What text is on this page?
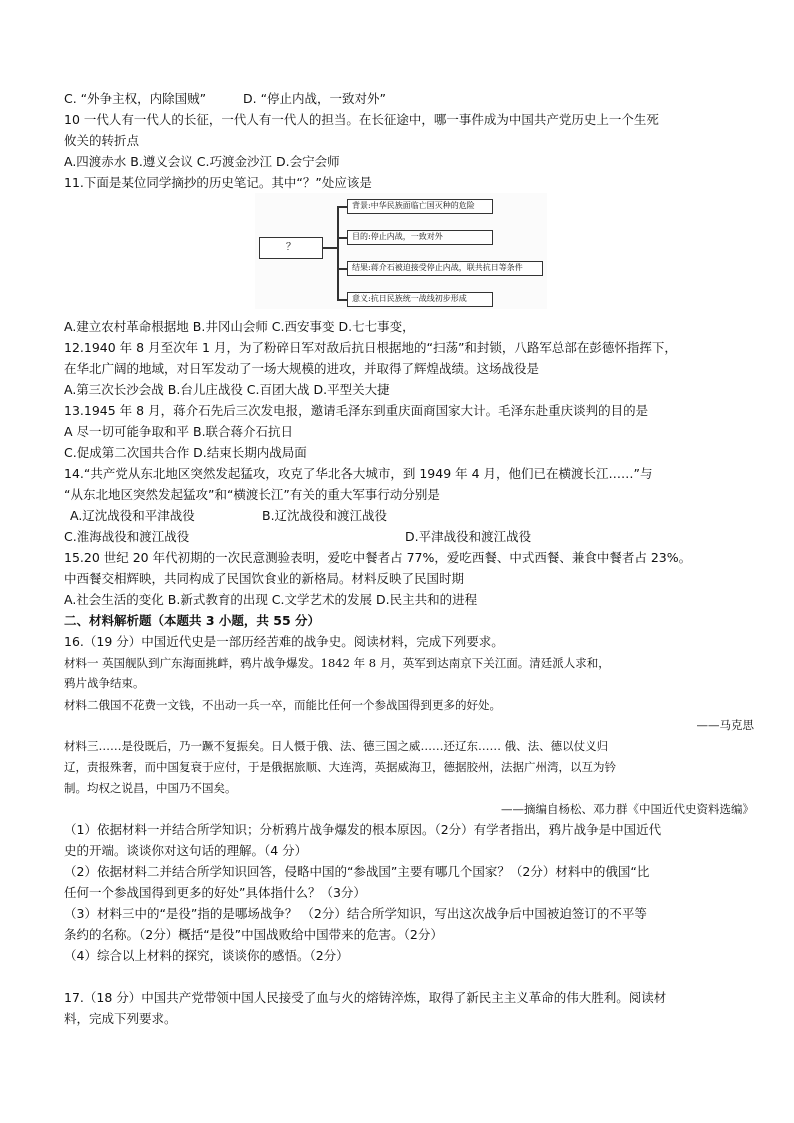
C. “外争主权，内除国贼”	D. “停止内战，一致对外”
10 一代人有一代人的长征，一代人有一代人的担当。在长征途中，哪一事件成为中国共产党历史上一个生死
攸关的转折点
A.四渡赤水 B.遵义会议 C.巧渡金沙江 D.会宁会师
11.下面是某位同学摘抄的历史笔记。其中“？”处应该是
？
背景:中华民族面临亡国灭种的危险
目的:停止内战，一致对外
结果:蒋介石被迫接受停止内战，联共抗日等条件
意义:抗日民族统一战线初步形成
A.建立农村革命根据地 B.井冈山会师 C.西安事变 D.七七事变，
12.1940 年 8 月至次年 1 月，为了粉碎日军对敌后抗日根据地的“扫荡”和封锁，八路军总部在彭德怀指挥下，
在华北广阔的地域，对日军发动了一场大规模的进攻，并取得了辉煌战绩。这场战役是
A.第三次长沙会战 B.台儿庄战役 C.百团大战 D.平型关大捷
13.1945 年 8 月，蒋介石先后三次发电报，邀请毛泽东到重庆面商国家大计。毛泽东赴重庆谈判的目的是
A 尽一切可能争取和平 B.联合蒋介石抗日
C.促成第二次国共合作 D.结束长期内战局面
14.“共产党从东北地区突然发起猛攻，攻克了华北各大城市，到 1949 年 4 月，他们已在横渡长江……”与
“从东北地区突然发起猛攻”和“横渡长江”有关的重大军事行动分别是
A.辽沈战役和平津战役	B.辽沈战役和渡江战役
C.淮海战役和渡江战役	D.平津战役和渡江战役
15.20 世纪 20 年代初期的一次民意测验表明，爱吃中餐者占 77%，爱吃西餐、中式西餐、兼食中餐者占 23%。
中西餐交相辉映，共同构成了民国饮食业的新格局。材料反映了民国时期
A.社会生活的变化 B.新式教育的出现 C.文学艺术的发展 D.民主共和的进程
二、材料解析题（本题共 3 小题，共 55 分）
16.（19 分）中国近代史是一部历经苦难的战争史。阅读材料，完成下列要求。
材料一 英国舰队到广东海面挑衅，鸦片战争爆发。1842 年 8 月，英军到达南京下关江面。清廷派人求和，
鸦片战争结束。
材料二俄国不花费一文钱，不出动一兵一卒，而能比任何一个参战国得到更多的好处。
——马克思
材料三……是役既后，乃一蹶不复振矣。日人慑于俄、法、德三国之威……还辽东…… 俄、法、德以仗义归
辽，责报殊奢，而中国复衰于应付，于是俄据旅顺、大连湾，英据威海卫，德据胶州，法据广州湾，以互为钤
制。均权之说昌，中国乃不国矣。
——摘编自杨松、邓力群《中国近代史资料选编》
（1）依据材料一并结合所学知识；分析鸦片战争爆发的根本原因。（2分）有学者指出，鸦片战争是中国近代
史的开端。谈谈你对这句话的理解。（4 分）
（2）依据材料二并结合所学知识回答，侵略中国的“参战国”主要有哪几个国家？（2分）材料中的俄国“比
任何一个参战国得到更多的好处”具体指什么？（3分）
（3）材料三中的“是役”指的是哪场战争？ （2分）结合所学知识，写出这次战争后中国被迫签订的不平等
条约的名称。（2分）概括“是役”中国战败给中国带来的危害。（2分）
（4）综合以上材料的探究，谈谈你的感悟。（2分）
17.（18 分）中国共产党带领中国人民接受了血与火的熔铸淬炼，取得了新民主主义革命的伟大胜利。阅读材
料，完成下列要求。
